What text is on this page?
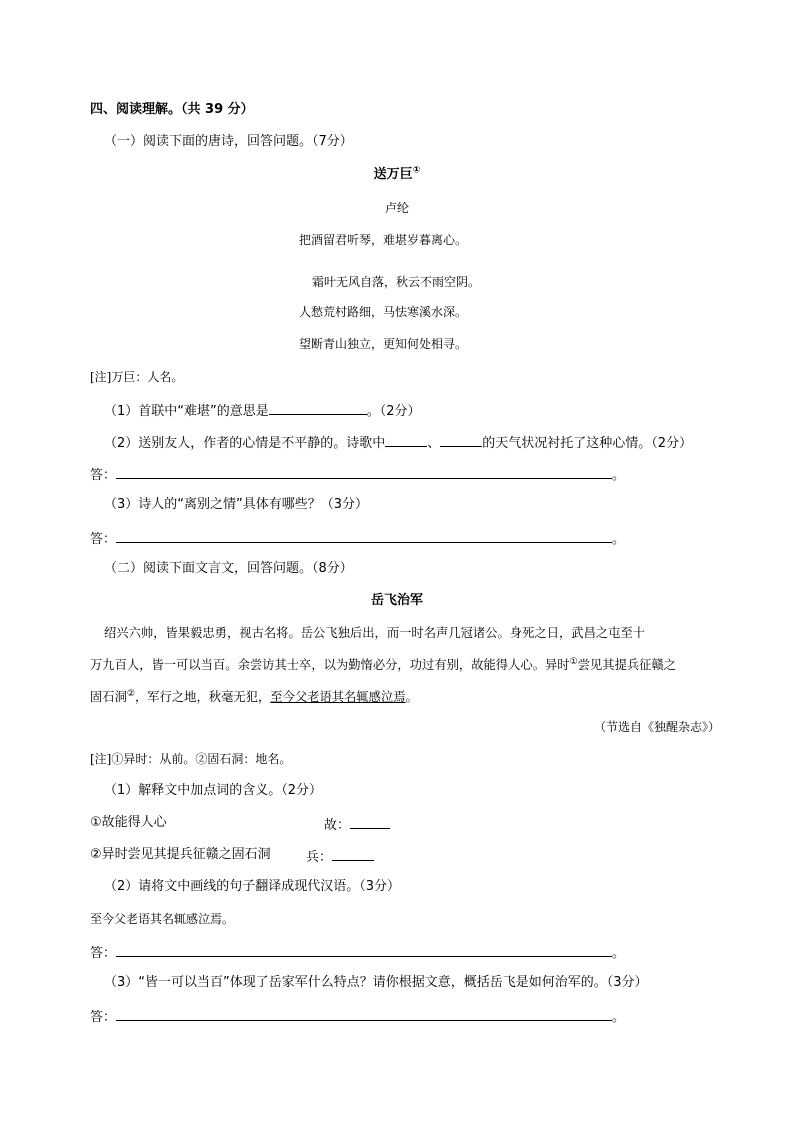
四、阅读理解。（共 39 分）
（一）阅读下面的唐诗，回答问题。（7分）
送万巨①
卢纶
把酒留君听琴，难堪岁暮离心。
霜叶无风自落，秋云不雨空阴。
人愁荒村路细，马怯寒溪水深。
望断青山独立，更知何处相寻。
[注]万巨：人名。
（1）首联中“难堪”的意思是	。（2分）
（2）送别友人，作者的心情是不平静的。诗歌中	、	的天气状况衬托了这种心情。（2分）
答：	。
（3）诗人的“离别之情”具体有哪些？（3分）
答：	。
（二）阅读下面文言文，回答问题。（8分）
岳飞治军
绍兴六帅，皆果毅忠勇，视古名将。岳公飞独后出，而一时名声几冠诸公。身死之日，武昌之屯至十
万九百人，皆一可以当百。余尝访其士卒，以为勤惰必分，功过有别，故能得人心。异时①尝见其提兵征赣之
固石洞②，军行之地，秋毫无犯，至今父老语其名辄感泣焉。
（节选自《独醒杂志》）
[注]①异时：从前。②固石洞：地名。
（1）解释文中加点词的含义。（2分）
①故能得人心	故：
②异时尝见其提兵征赣之固石洞	兵：
（2）请将文中画线的句子翻译成现代汉语。（3分）
至今父老语其名辄感泣焉。
答：	。
（3）“皆一可以当百”体现了岳家军什么特点？请你根据文意，概括岳飞是如何治军的。（3分）
答：	。
